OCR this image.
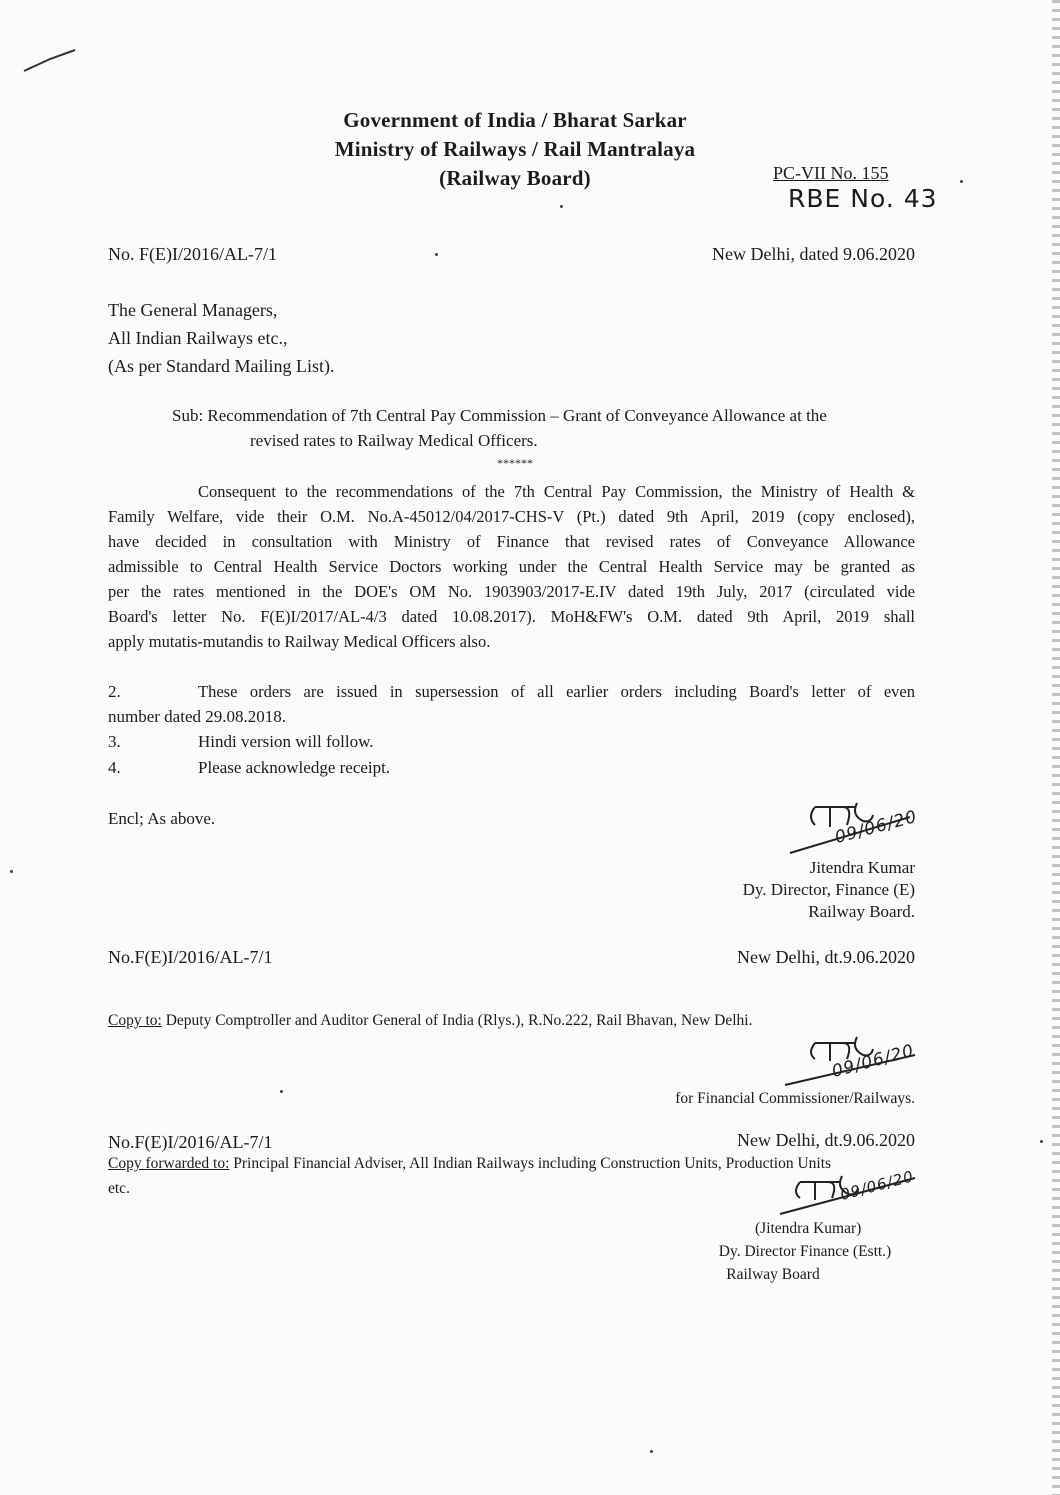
Government of India / Bharat Sarkar
Ministry of Railways / Rail Mantralaya
(Railway Board)	PC-VII No. 155
RBE No. 43
No. F(E)I/2016/AL-7/1	New Delhi, dated 9.06.2020
The General Managers,
All Indian Railways etc.,
(As per Standard Mailing List).
Sub: Recommendation of 7th Central Pay Commission – Grant of Conveyance Allowance at the
revised rates to Railway Medical Officers.
******
Consequent to the recommendations of the 7th Central Pay Commission, the Ministry of Health &
Family Welfare, vide their O.M. No.A-45012/04/2017-CHS-V (Pt.) dated 9th April, 2019 (copy enclosed),
have decided in consultation with Ministry of Finance that revised rates of Conveyance Allowance
admissible to Central Health Service Doctors working under the Central Health Service may be granted as
per the rates mentioned in the DOE's OM No. 1903903/2017-E.IV dated 19th July, 2017 (circulated vide
Board's letter No. F(E)I/2017/AL-4/3 dated 10.08.2017). MoH&FW's O.M. dated 9th April, 2019 shall
apply mutatis-mutandis to Railway Medical Officers also.
2.	These orders are issued in supersession of all earlier orders including Board's letter of even
number dated 29.08.2018.
3.	Hindi version will follow.
4.	Please acknowledge receipt.
Encl; As above.	09/06/20
Jitendra Kumar
Dy. Director, Finance (E)
Railway Board.
No.F(E)I/2016/AL-7/1	New Delhi, dt.9.06.2020
Copy to: Deputy Comptroller and Auditor General of India (Rlys.), R.No.222, Rail Bhavan, New Delhi.
09/06/20
for Financial Commissioner/Railways.
No.F(E)I/2016/AL-7/1	New Delhi, dt.9.06.2020
Copy forwarded to: Principal Financial Adviser, All Indian Railways including Construction Units, Production Units
etc.	09/06/20
(Jitendra Kumar)
Dy. Director Finance (Estt.)
Railway Board
